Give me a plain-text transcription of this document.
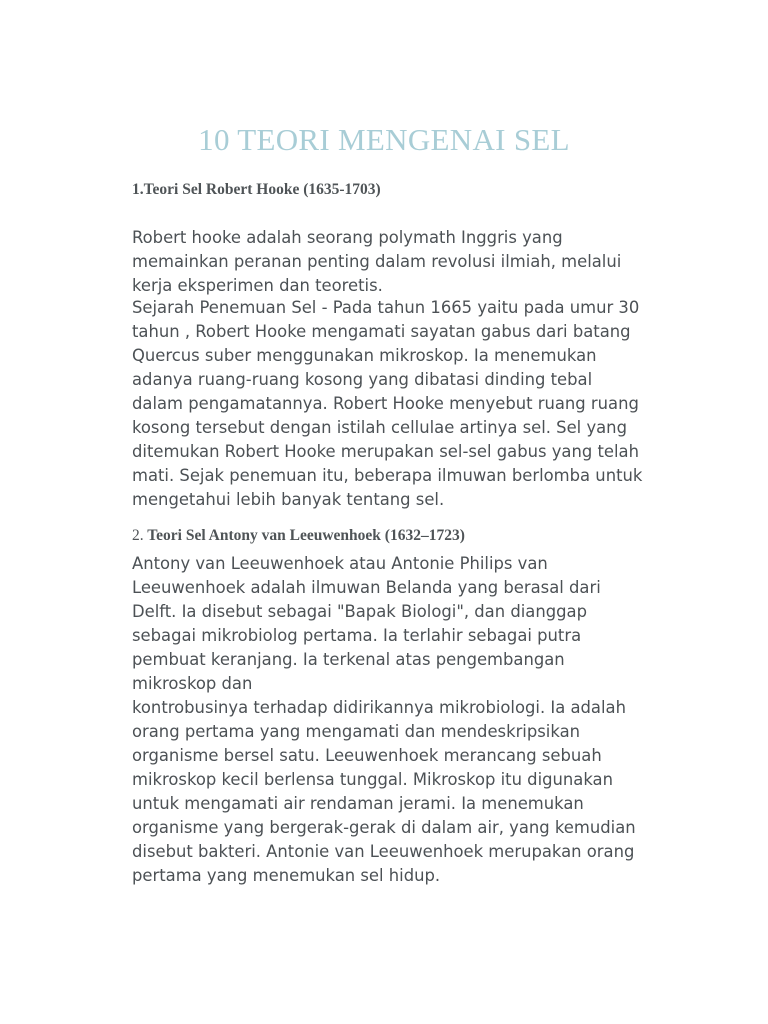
10 TEORI MENGENAI SEL
1.Teori Sel Robert Hooke (1635-1703)

Robert hooke adalah seorang polymath Inggris yang
memainkan peranan penting dalam revolusi ilmiah, melalui
kerja eksperimen dan teoretis.

Sejarah Penemuan Sel - Pada tahun 1665 yaitu pada umur 30
tahun , Robert Hooke mengamati sayatan gabus dari batang
Quercus suber menggunakan mikroskop. Ia menemukan
adanya ruang-ruang kosong yang dibatasi dinding tebal
dalam pengamatannya. Robert Hooke menyebut ruang ruang
kosong tersebut dengan istilah cellulae artinya sel. Sel yang
ditemukan Robert Hooke merupakan sel-sel gabus yang telah
mati. Sejak penemuan itu, beberapa ilmuwan berlomba untuk
mengetahui lebih banyak tentang sel.

2. Teori Sel Antony van Leeuwenhoek (1632–1723)

Antony van Leeuwenhoek atau Antonie Philips van
Leeuwenhoek adalah ilmuwan Belanda yang berasal dari
Delft. Ia disebut sebagai "Bapak Biologi", dan dianggap
sebagai mikrobiolog pertama. Ia terlahir sebagai putra
pembuat keranjang. Ia terkenal atas pengembangan
mikroskop dan
kontrobusinya terhadap didirikannya mikrobiologi. Ia adalah
orang pertama yang mengamati dan mendeskripsikan
organisme bersel satu. Leeuwenhoek merancang sebuah
mikroskop kecil berlensa tunggal. Mikroskop itu digunakan
untuk mengamati air rendaman jerami. Ia menemukan
organisme yang bergerak-gerak di dalam air, yang kemudian
disebut bakteri. Antonie van Leeuwenhoek merupakan orang
pertama yang menemukan sel hidup.
